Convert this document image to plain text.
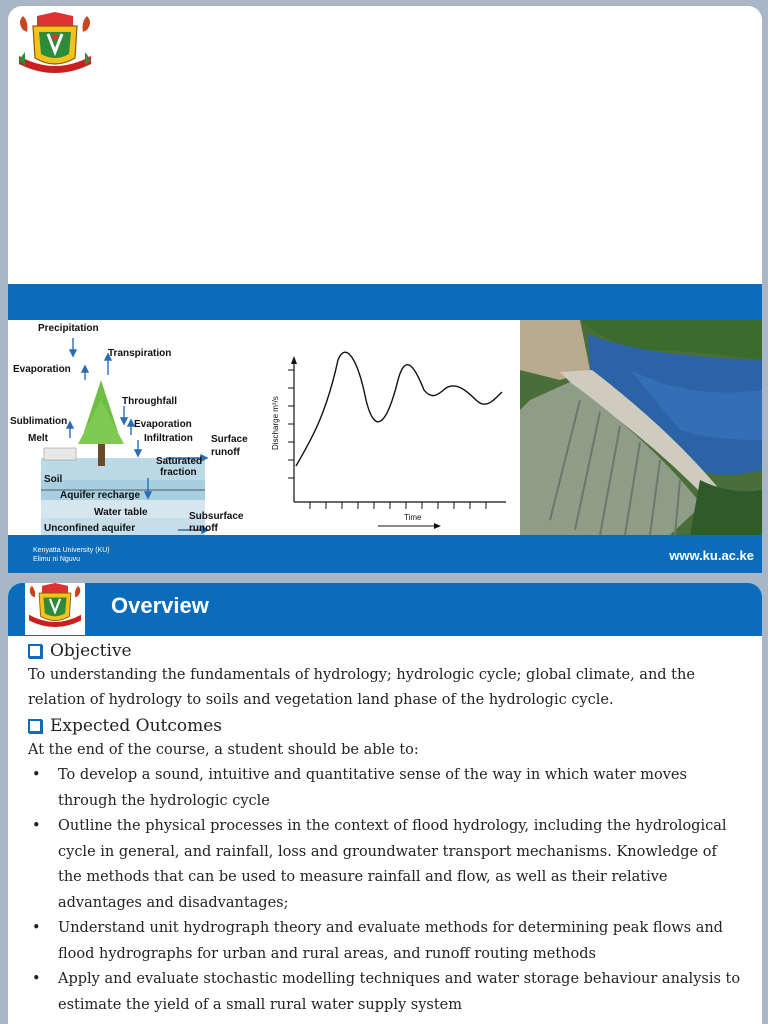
Precipitation
Transpiration
Evaporation
Throughfall
Sublimation	Evaporation
Melt	Infiltration Surface
runoff
Saturated
fraction
Soil
Aquifer recharge
Water table	Subsurface
Unconfined aquifer	runoff
Time
Discharge m³/s
Kenyatta University (KU)
Elimu ni Nguvu	www.ku.ac.ke
Overview
Objective

To understanding the fundamentals of hydrology; hydrologic cycle; global climate, and the relation of hydrology to soils and vegetation land phase of the hydrologic cycle.

Expected Outcomes

At the end of the course, a student should be able to:

• To develop a sound, intuitive and quantitative sense of the way in which water moves through the hydrologic cycle
• Outline the physical processes in the context of flood hydrology, including the hydrological cycle in general, and rainfall, loss and groundwater transport mechanisms. Knowledge of the methods that can be used to measure rainfall and flow, as well as their relative advantages and disadvantages;
• Understand unit hydrograph theory and evaluate methods for determining peak flows and flood hydrographs for urban and rural areas, and runoff routing methods
• Apply and evaluate stochastic modelling techniques and water storage behaviour analysis to estimate the yield of a small rural water supply system
